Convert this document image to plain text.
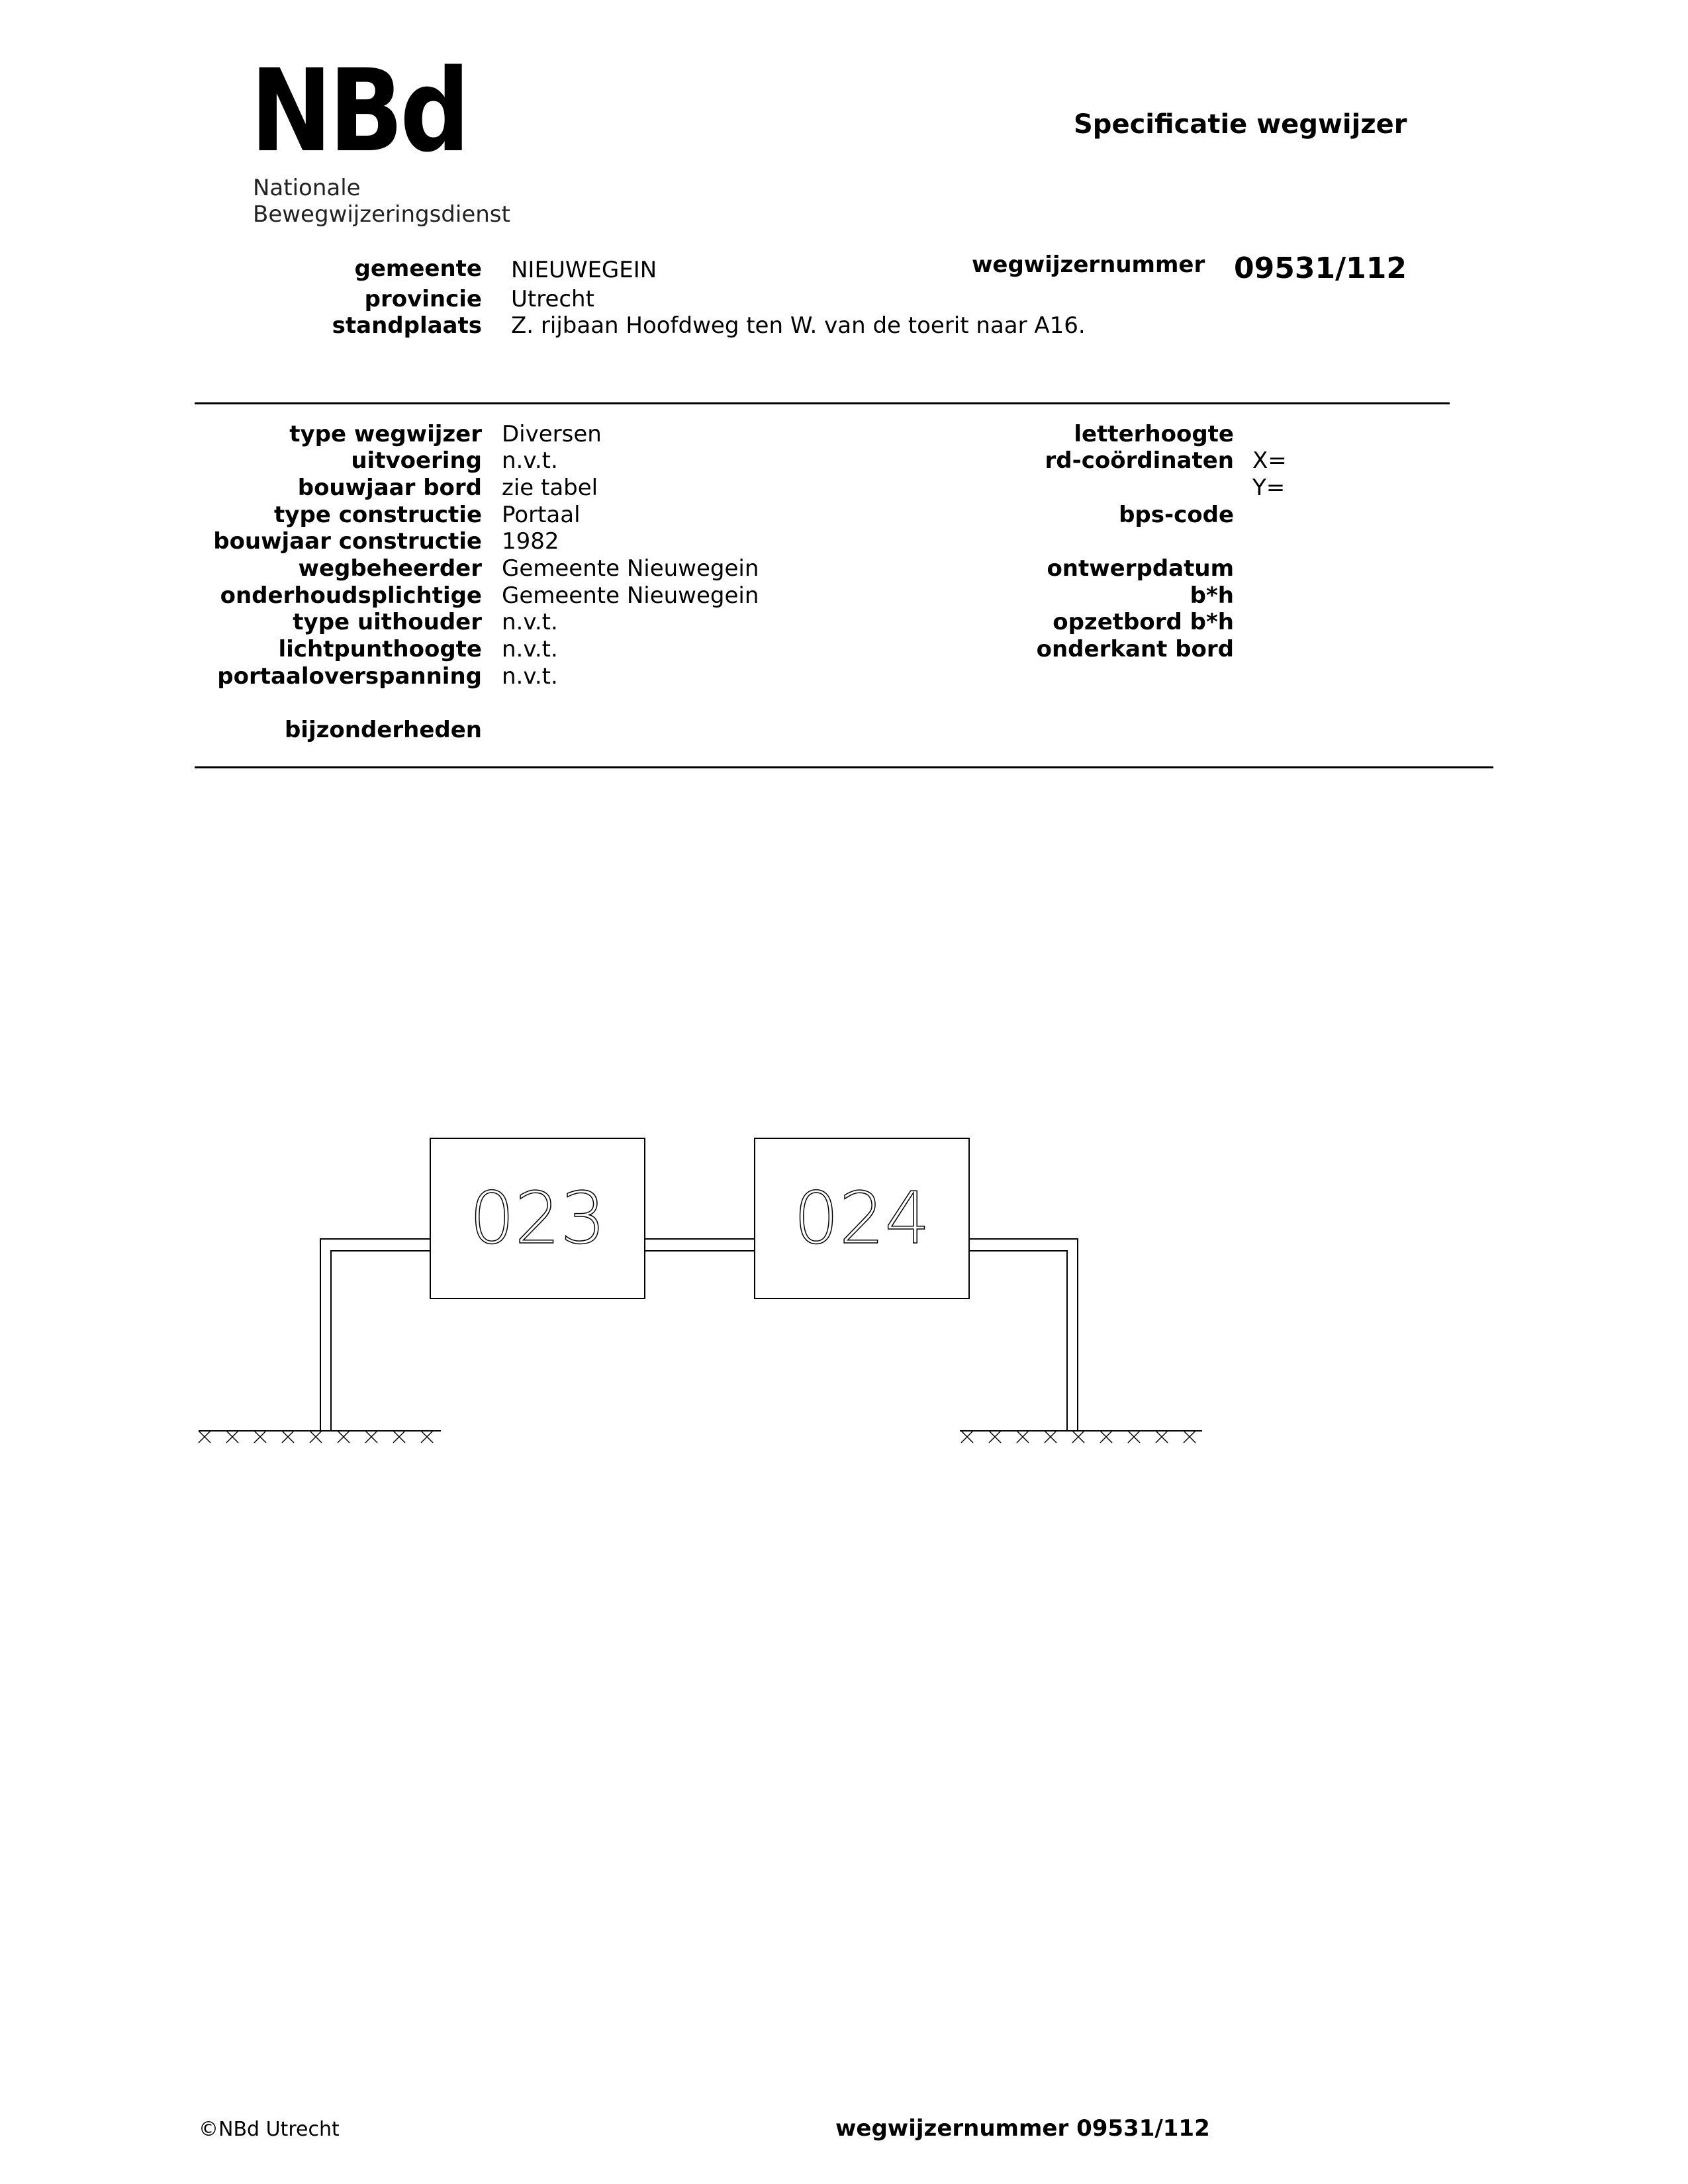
NBd
Nationale
Bewegwijzeringsdienst
Specificatie wegwijzer
gemeente NIEUWEGEIN
provincie Utrecht
standplaats Z. rijbaan Hoofdweg ten W. van de toerit naar A16.
wegwijzernummer 09531/112
type wegwijzer Diversen
uitvoering n.v.t.
bouwjaar bord zie tabel
type constructie Portaal
bouwjaar constructie 1982
wegbeheerder Gemeente Nieuwegein
onderhoudsplichtige Gemeente Nieuwegein
type uithouder n.v.t.
lichtpunthoogte n.v.t.
portaaloverspanning n.v.t.
bijzonderheden
letterhoogte
rd-coördinaten X=
Y=
bps-code
ontwerpdatum
b*h
opzetbord b*h
onderkant bord
023	024
©NBd Utrecht	wegwijzernummer 09531/112
